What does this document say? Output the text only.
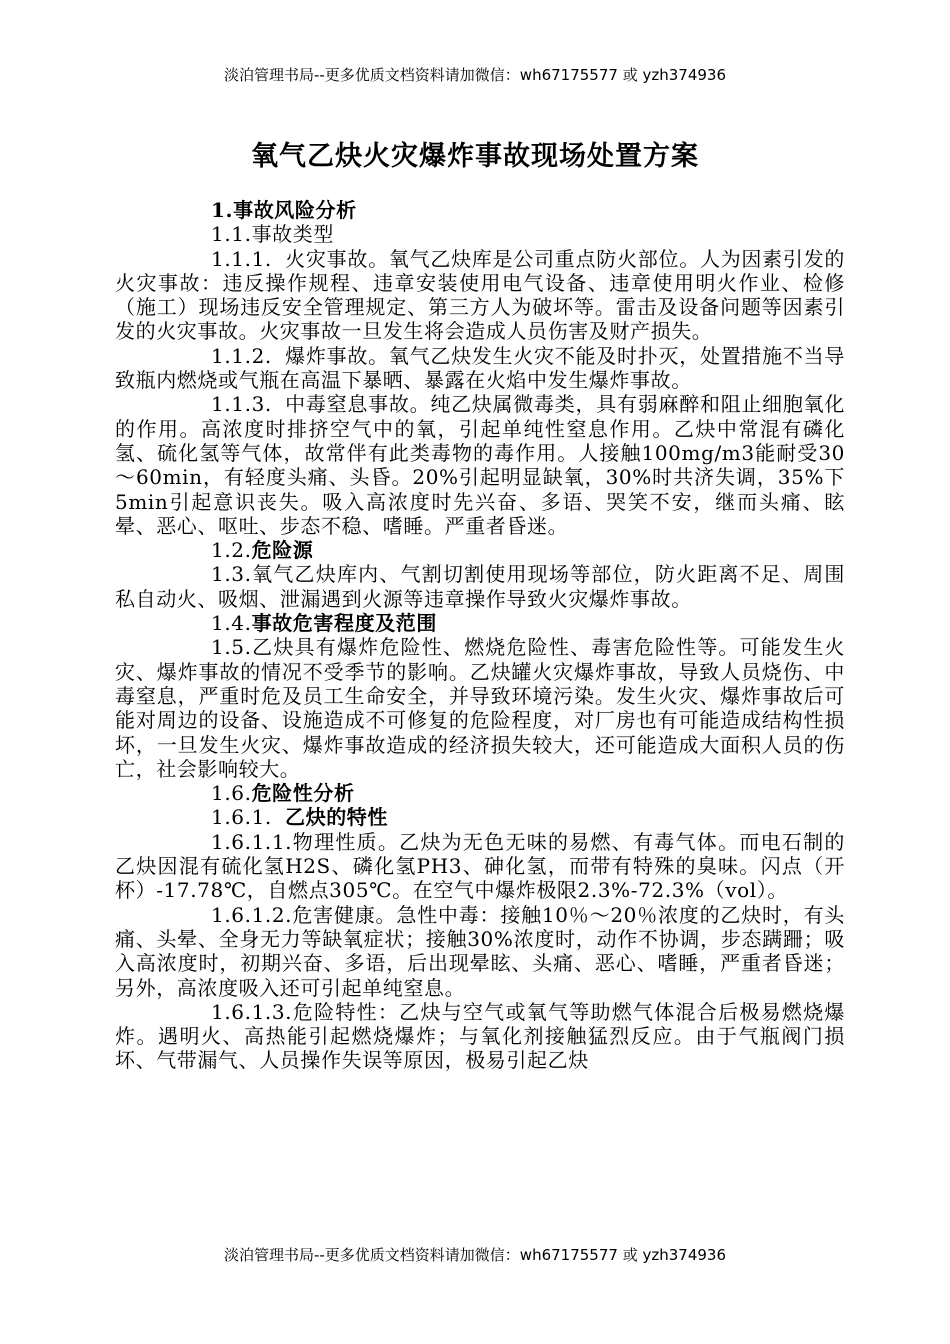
淡泊管理书局--更多优质文档资料请加微信：wh67175577 或 yzh374936
氧气乙炔火灾爆炸事故现场处置方案

1.事故风险分析

1.1.事故类型

1.1.1. 火灾事故。氧气乙炔库是公司重点防火部位。人为因素引发的火灾事故：违反操作规程、违章安装使用电气设备、违章使用明火作业、检修（施工）现场违反安全管理规定、第三方人为破坏等。雷击及设备问题等因素引发的火灾事故。火灾事故一旦发生将会造成人员伤害及财产损失。

1.1.2. 爆炸事故。氧气乙炔发生火灾不能及时扑灭，处置措施不当导致瓶内燃烧或气瓶在高温下暴晒、暴露在火焰中发生爆炸事故。

1.1.3. 中毒窒息事故。纯乙炔属微毒类，具有弱麻醉和阻止细胞氧化的作用。高浓度时排挤空气中的氧，引起单纯性窒息作用。乙炔中常混有磷化氢、硫化氢等气体，故常伴有此类毒物的毒作用。人接触100mg/m3能耐受30～60min，有轻度头痛、头昏。20%引起明显缺氧，30%时共济失调，35%下5min引起意识丧失。吸入高浓度时先兴奋、多语、哭笑不安，继而头痛、眩晕、恶心、呕吐、步态不稳、嗜睡。严重者昏迷。

1.2.危险源

1.3.氧气乙炔库内、气割切割使用现场等部位，防火距离不足、周围私自动火、吸烟、泄漏遇到火源等违章操作导致火灾爆炸事故。

1.4.事故危害程度及范围

1.5.乙炔具有爆炸危险性、燃烧危险性、毒害危险性等。可能发生火灾、爆炸事故的情况不受季节的影响。乙炔罐火灾爆炸事故，导致人员烧伤、中毒窒息，严重时危及员工生命安全，并导致环境污染。发生火灾、爆炸事故后可能对周边的设备、设施造成不可修复的危险程度，对厂房也有可能造成结构性损坏，一旦发生火灾、爆炸事故造成的经济损失较大，还可能造成大面积人员的伤亡，社会影响较大。

1.6.危险性分析

1.6.1. 乙炔的特性

1.6.1.1.物理性质。乙炔为无色无味的易燃、有毒气体。而电石制的乙炔因混有硫化氢H2S、磷化氢PH3、砷化氢，而带有特殊的臭味。闪点（开杯）-17.78℃，自燃点305℃。在空气中爆炸极限2.3%-72.3%（vol）。

1.6.1.2.危害健康。急性中毒：接触10％～20％浓度的乙炔时，有头痛、头晕、全身无力等缺氧症状；接触30%浓度时，动作不协调，步态蹒跚；吸入高浓度时，初期兴奋、多语，后出现晕眩、头痛、恶心、嗜睡，严重者昏迷；另外，高浓度吸入还可引起单纯窒息。

1.6.1.3.危险特性：乙炔与空气或氧气等助燃气体混合后极易燃烧爆炸。遇明火、高热能引起燃烧爆炸；与氧化剂接触猛烈反应。由于气瓶阀门损坏、气带漏气、人员操作失误等原因，极易引起乙炔

淡泊管理书局--更多优质文档资料请加微信：wh67175577 或 yzh374936
